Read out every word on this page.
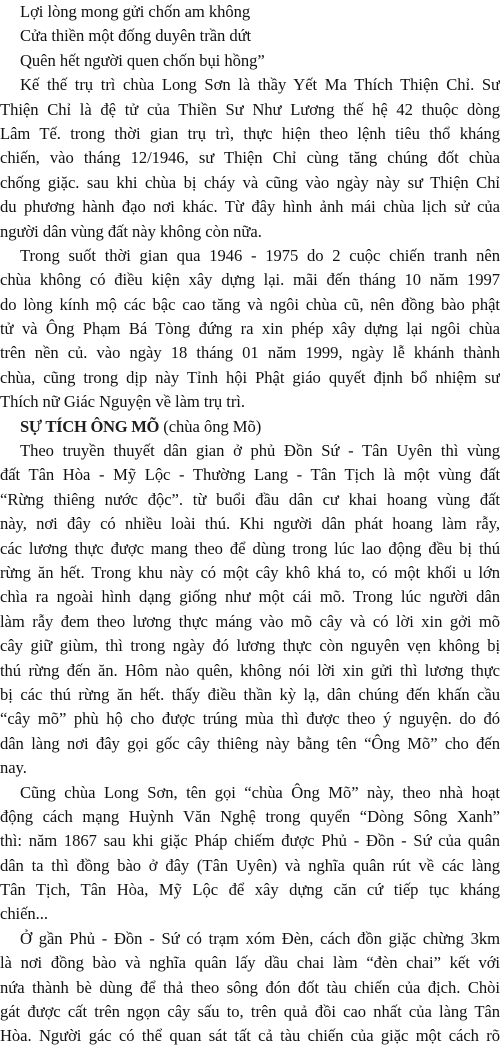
Lợi lòng mong gửi chốn am không
Cửa thiền một đống duyên trần dứt
Quên hết người quen chốn bụi hồng”
Kế thế trụ trì chùa Long Sơn là thầy Yết Ma Thích Thiện Chỉ. Sư
Thiện Chỉ là đệ tử của Thiền Sư Như Lương thế hệ 42 thuộc dòng
Lâm Tế. trong thời gian trụ trì, thực hiện theo lệnh tiêu thổ kháng
chiến, vào tháng 12/1946, sư Thiện Chỉ cùng tăng chúng đốt chùa
chống giặc. sau khi chùa bị cháy và cũng vào ngày này sư Thiện Chỉ
du phương hành đạo nơi khác. Từ đây hình ảnh mái chùa lịch sử của
người dân vùng đất này không còn nữa.
Trong suốt thời gian qua 1946 - 1975 do 2 cuộc chiến tranh nên
chùa không có điều kiện xây dựng lại. mãi đến tháng 10 năm 1997
do lòng kính mộ các bậc cao tăng và ngôi chùa cũ, nên đồng bào phật
tử và Ông Phạm Bá Tòng đứng ra xin phép xây dựng lại ngôi chùa
trên nền củ. vào ngày 18 tháng 01 năm 1999, ngày lễ khánh thành
chùa, cũng trong dịp này Tỉnh hội Phật giáo quyết định bổ nhiệm sư
Thích nữ Giác Nguyện về làm trụ trì.
SỰ TÍCH ÔNG MÕ (chùa ông Mõ)
Theo truyền thuyết dân gian ở phủ Đồn Sứ - Tân Uyên thì vùng
đất Tân Hòa - Mỹ Lộc - Thường Lang - Tân Tịch là một vùng đất
“Rừng thiêng nước độc”. từ buổi đầu dân cư khai hoang vùng đất
này, nơi đây có nhiều loài thú. Khi người dân phát hoang làm rẫy,
các lương thực được mang theo để dùng trong lúc lao động đều bị thú
rừng ăn hết. Trong khu này có một cây khô khá to, có một khối u lớn
chìa ra ngoài hình dạng giống như một cái mõ. Trong lúc người dân
làm rẫy đem theo lương thực máng vào mõ cây và có lời xin gởi mõ
cây giữ giùm, thì trong ngày đó lương thực còn nguyên vẹn không bị
thú rừng đến ăn. Hôm nào quên, không nói lời xin gửi thì lương thực
bị các thú rừng ăn hết. thấy điều thần kỳ lạ, dân chúng đến khấn cầu
“cây mõ” phù hộ cho được trúng mùa thì được theo ý nguyện. do đó
dân làng nơi đây gọi gốc cây thiêng này bằng tên “Ông Mõ” cho đến
nay.
Cũng chùa Long Sơn, tên gọi “chùa Ông Mõ” này, theo nhà hoạt
động cách mạng Huỳnh Văn Nghệ trong quyển “Dòng Sông Xanh”
thì: năm 1867 sau khi giặc Pháp chiếm được Phủ - Đồn - Sứ của quân
dân ta thì đồng bào ở đây (Tân Uyên) và nghĩa quân rút về các làng
Tân Tịch, Tân Hòa, Mỹ Lộc để xây dựng căn cứ tiếp tục kháng
chiến...
Ở gần Phủ - Đồn - Sứ có trạm xóm Đèn, cách đồn giặc chừng 3km
là nơi đồng bào và nghĩa quân lấy dầu chai làm “đèn chai” kết với
nứa thành bè dùng để thả theo sông đón đốt tàu chiến của địch. Chòi
gát được cất trên ngọn cây sấu to, trên quả đồi cao nhất của làng Tân
Hòa. Người gác có thể quan sát tất cả tàu chiến của giặc một cách rõ
